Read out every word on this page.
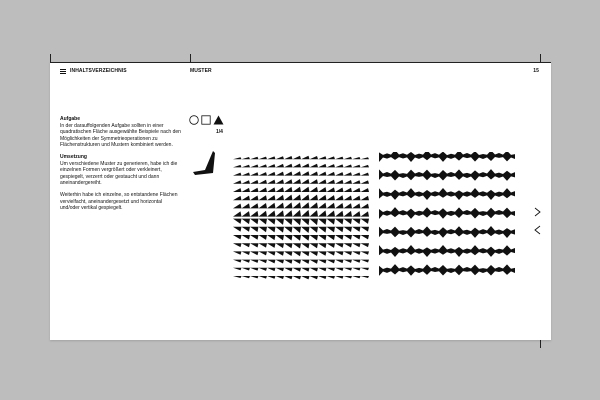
INHALTSVERZEICHNIS	MUSTER	15
Aufgabe

In der darauffolgenden Aufgabe sollten in einer quadratischen Fläche ausgewählte Beispiele nach den Möglichkeiten der Symmetrieoperationen zu Flächenstrukturen und Mustern kombiniert werden.

Umsetzung

Um verschiedene Muster zu generieren, habe ich die einzelnen Formen vergrößert oder verkleinert, gespiegelt, verzerrt oder gestaucht und dann aneinandergereiht.

Weiterhin habe ich einzelne, so entstandene Flächen vervielfacht, aneinandergesetzt und horizontal und/oder vertikal gespiegelt.

1/4
